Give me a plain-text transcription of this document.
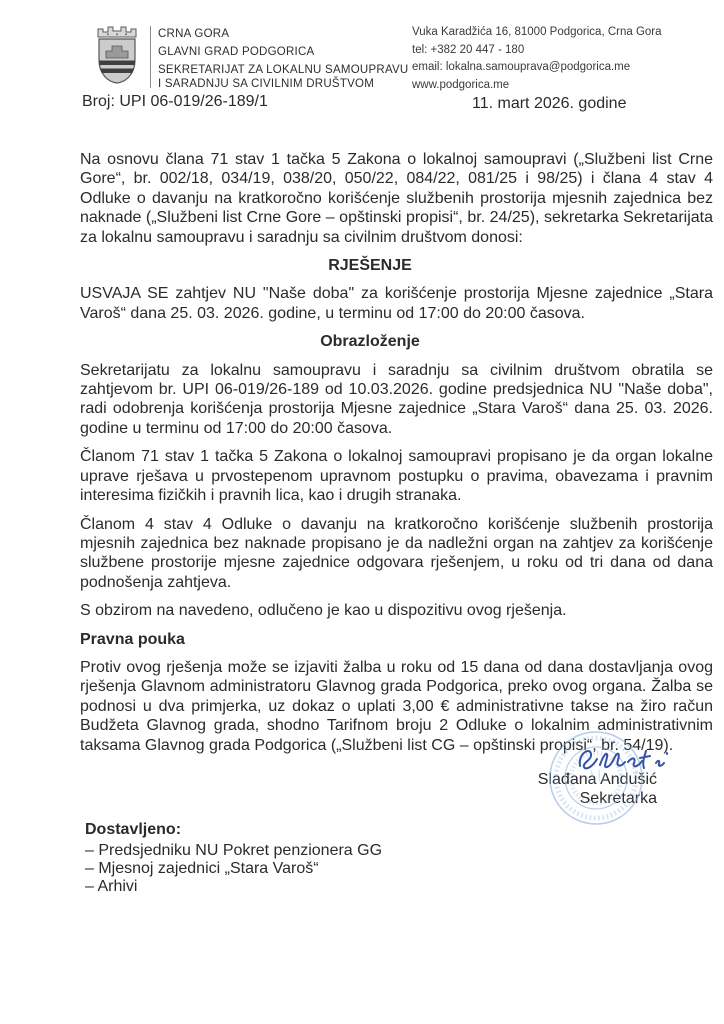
CRNA GORA
GLAVNI GRAD PODGORICA
SEKRETARIJAT ZA LOKALNU SAMOUPRAVU
I SARADNJU SA CIVILNIM DRUŠTVOM
Vuka Karadžića 16, 81000 Podgorica, Crna Gora
tel: +382 20 447 - 180
email: lokalna.samouprava@podgorica.me
www.podgorica.me
Broj: UPI 06-019/26-189/1	11. mart 2026. godine

Na osnovu člana 71 stav 1 tačka 5 Zakona o lokalnoj samoupravi („Službeni list Crne Gore“, br. 002/18, 034/19, 038/20, 050/22, 084/22, 081/25 i 98/25) i člana 4 stav 4 Odluke o davanju na kratkoročno korišćenje službenih prostorija mjesnih zajednica bez naknade („Službeni list Crne Gore – opštinski propisi“, br. 24/25), sekretarka Sekretarijata za lokalnu samoupravu i saradnju sa civilnim društvom donosi:

RJEŠENJE

USVAJA SE zahtjev NU "Naše doba" za korišćenje prostorija Mjesne zajednice „Stara Varoš“ dana 25. 03. 2026. godine, u terminu od 17:00 do 20:00 časova.

Obrazloženje

Sekretarijatu za lokalnu samoupravu i saradnju sa civilnim društvom obratila se zahtjevom br. UPI 06-019/26-189 od 10.03.2026. godine predsjednica NU "Naše doba", radi odobrenja korišćenja prostorija Mjesne zajednice „Stara Varoš“ dana 25. 03. 2026. godine u terminu od 17:00 do 20:00 časova.

Članom 71 stav 1 tačka 5 Zakona o lokalnoj samoupravi propisano je da organ lokalne uprave rješava u prvostepenom upravnom postupku o pravima, obavezama i pravnim interesima fizičkih i pravnih lica, kao i drugih stranaka.

Članom 4 stav 4 Odluke o davanju na kratkoročno korišćenje službenih prostorija mjesnih zajednica bez naknade propisano je da nadležni organ na zahtjev za korišćenje službene prostorije mjesne zajednice odgovara rješenjem, u roku od tri dana od dana podnošenja zahtjeva.

S obzirom na navedeno, odlučeno je kao u dispozitivu ovog rješenja.

Pravna pouka

Protiv ovog rješenja može se izjaviti žalba u roku od 15 dana od dana dostavljanja ovog rješenja Glavnom administratoru Glavnog grada Podgorica, preko ovog organa. Žalba se podnosi u dva primjerka, uz dokaz o uplati 3,00 € administrativne takse na žiro račun Budžeta Glavnog grada, shodno Tarifnom broju 2 Odluke o lokalnim administrativnim taksama Glavnog grada Podgorica („Službeni list CG – opštinski propisi“, br. 54/19).

Slađana Andušić
Sekretarka
Dostavljeno:
– Predsjedniku NU Pokret penzionera GG
– Mjesnoj zajednici „Stara Varoš“
– Arhivi
